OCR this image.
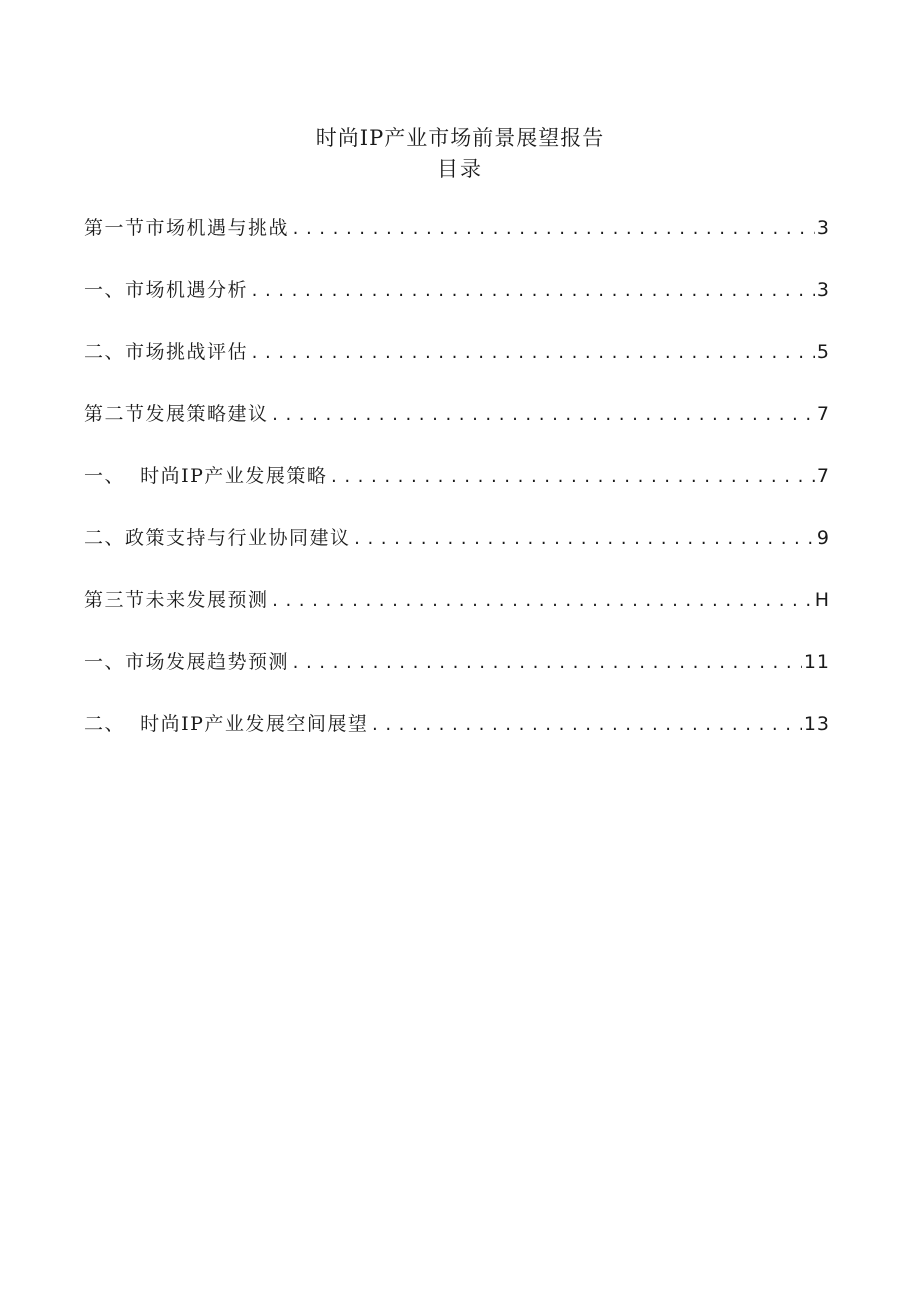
时尚IP产业市场前景展望报告
目录
第一节市场机遇与挑战 .....	3
一、市场机遇分析 .....	3
二、市场挑战评估 .....	5
第二节发展策略建议 .....	7
一、  时尚IP产业发展策略 .....	7
二、政策支持与行业协同建议 .....	9
第三节未来发展预测 .....	H
一、市场发展趋势预测 .....	11
二、  时尚IP产业发展空间展望 .....	13
